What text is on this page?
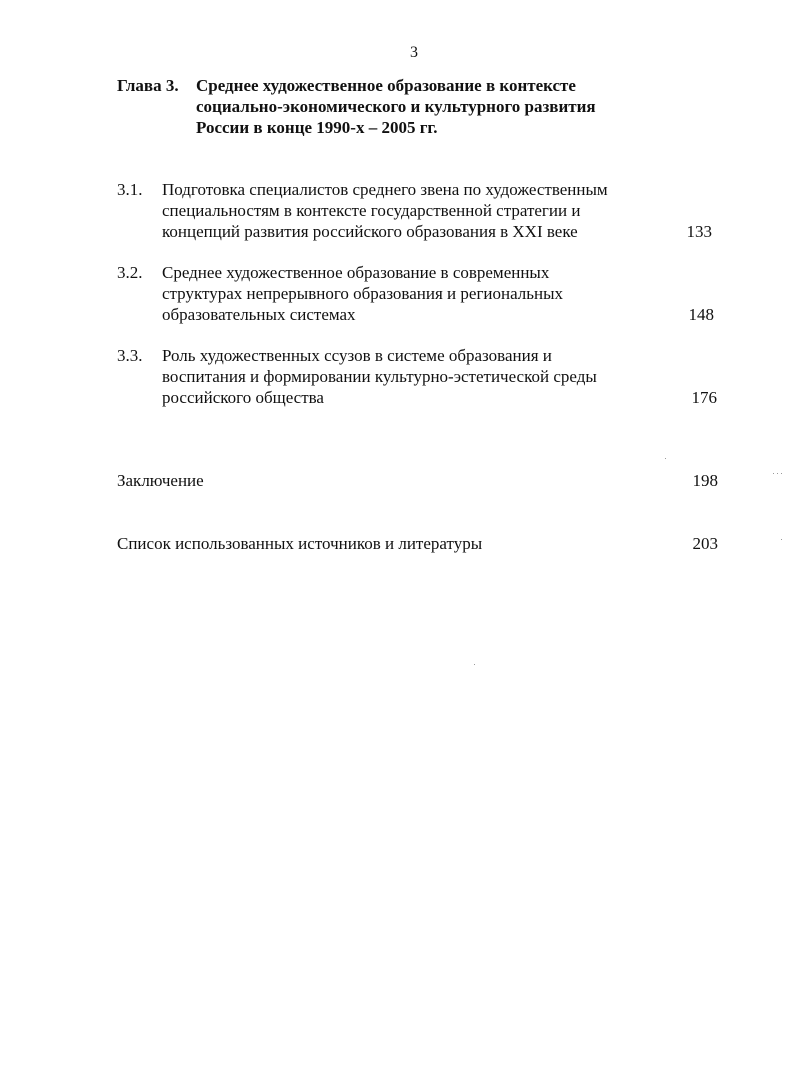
3
Глава 3. Среднее художественное образование в контексте
социально-экономического и культурного развития
России в конце 1990-х – 2005 гг.
3.1. Подготовка специалистов среднего звена по художественным
специальностям в контексте государственной стратегии и
концепций развития российского образования в XXI веке	133
3.2. Среднее художественное образование в современных
структурах непрерывного образования и региональных
образовательных системах	148
3.3. Роль художественных ссузов в системе образования и
воспитания и формировании культурно-эстетической среды
российского общества	176
Заключение	198
Список использованных источников и литературы	203
